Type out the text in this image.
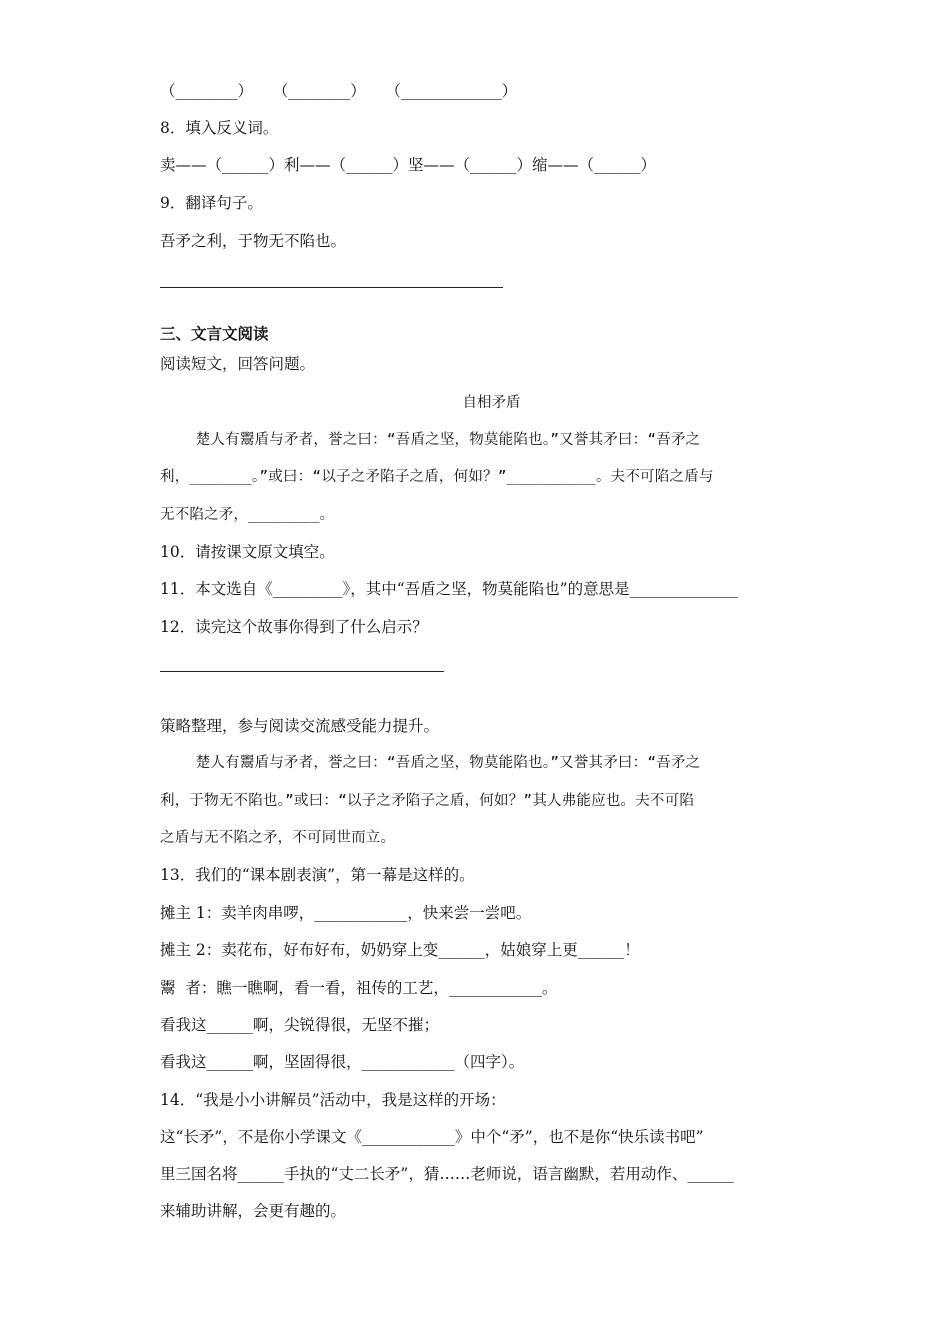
（________）    （________）    （_____________）
8．填入反义词。
卖——（______）利——（______）坚——（______）缩——（______）
9．翻译句子。
吾矛之利，于物无不陷也。
三、文言文阅读
阅读短文，回答问题。
自相矛盾
楚人有鬻盾与矛者，誉之曰：“吾盾之坚，物莫能陷也。”又誉其矛曰：“吾矛之
利，_______。”或曰：“以子之矛陷子之盾，何如？”__________。夫不可陷之盾与
无不陷之矛，________。
10．请按课文原文填空。
11．本文选自《_________》，其中“吾盾之坚，物莫能陷也”的意思是______________
12．读完这个故事你得到了什么启示？
策略整理，参与阅读交流感受能力提升。
楚人有鬻盾与矛者，誉之曰：“吾盾之坚，物莫能陷也。”又誉其矛曰：“吾矛之
利，于物无不陷也。”或曰：“以子之矛陷子之盾，何如？”其人弗能应也。夫不可陷
之盾与无不陷之矛，不可同世而立。
13．我们的“课本剧表演”，第一幕是这样的。
摊主 1：卖羊肉串啰，____________，快来尝一尝吧。
摊主 2：卖花布，好布好布，奶奶穿上变______，姑娘穿上更______！
鬻  者：瞧一瞧啊，看一看，祖传的工艺，____________。
看我这______啊，尖锐得很，无坚不摧；
看我这______啊，坚固得很，____________（四字）。
14．“我是小小讲解员”活动中，我是这样的开场：
这“长矛”，不是你小学课文《____________》中个“矛”，也不是你“快乐读书吧”
里三国名将______手执的“丈二长矛”，猜……老师说，语言幽默，若用动作、______
来辅助讲解，会更有趣的。
